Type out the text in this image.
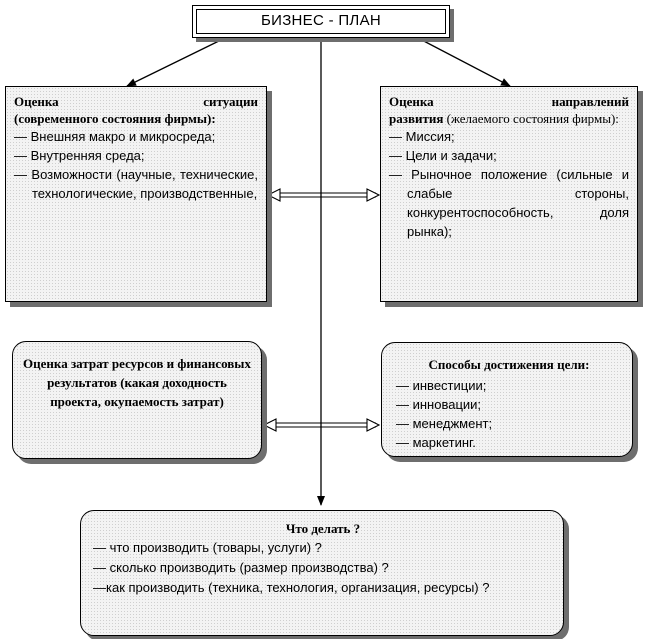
БИЗНЕС - ПЛАН
Оценка ситуации
(современного состояния фирмы):
— Внешняя макро и микросреда;
— Внутренняя среда;
— Возможности (научные, технические, технологические, производственные,
Оценка направлений
развития (желаемого состояния фирмы):
— Миссия;
— Цели и задачи;
— Рыночное положение (сильные и слабые стороны, конкурентоспособность, доля рынка);
Оценка затрат ресурсов и финансовых результатов (какая доходность проекта, окупаемость затрат)
Способы достижения цели:
— инвестиции;
— инновации;
— менеджмент;
— маркетинг.
Что делать ?
— что производить (товары, услуги) ?
— сколько производить (размер производства) ?
—как производить (техника, технология, организация, ресурсы) ?
